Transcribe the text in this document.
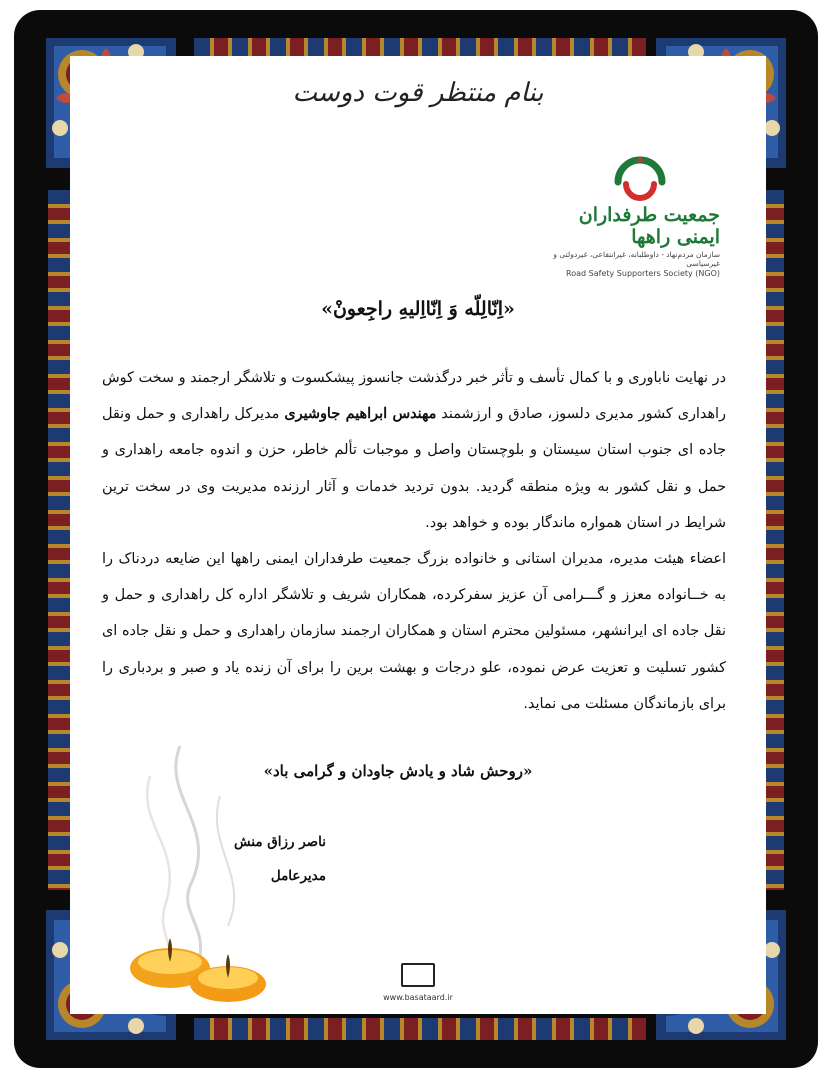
بنام منتظر قوت دوست
جمعیت طرفداران ایمنی راهها
سازمان مردم‌نهاد - داوطلبانه، غیرانتفاعی، غیردولتی و غیرسیاسی
Road Safety Supporters Society (NGO)
«اِنّالِلّه وَ اِنّااِلیهِ راجِعونْ»

در نهایت ناباوری و با کمال تأسف و تأثر خبر درگذشت جانسوز پیشکسوت و تلاشگر ارجمند و سخت کوش راهداری کشور مدیری دلسوز، صادق و ارزشمند مهندس ابراهیم جاوشیری مدیرکل راهداری و حمل ونقل جاده ای جنوب استان سیستان و بلوچستان واصل و موجبات تألم خاطر، حزن و اندوه جامعه راهداری و حمل و نقل کشور به ویژه منطقه گردید. بدون تردید خدمات و آثار ارزنده مدیریت وی در سخت ترین شرایط در استان همواره ماندگار بوده و خواهد بود.

اعضاء هیئت مدیره، مدیران استانی و خانواده بزرگ جمعیت طرفداران ایمنی راهها این ضایعه دردناک را به خــانواده معزز و گـــرامی آن عزیز سفرکرده، همکاران شریف و تلاشگر اداره کل راهداری و حمل و نقل جاده ای ایرانشهر، مسئولین محترم استان و همکاران ارجمند سازمان راهداری و حمل و نقل جاده ای کشور تسلیت و تعزیت عرض نموده، علو درجات و بهشت برین را برای آن زنده یاد و صبر و بردباری را برای بازماندگان مسئلت می نماید.

«روحش شاد و یادش جاودان و گرامی باد»
ناصر رزاق منش
مدیرعامل
www.basataard.ir
